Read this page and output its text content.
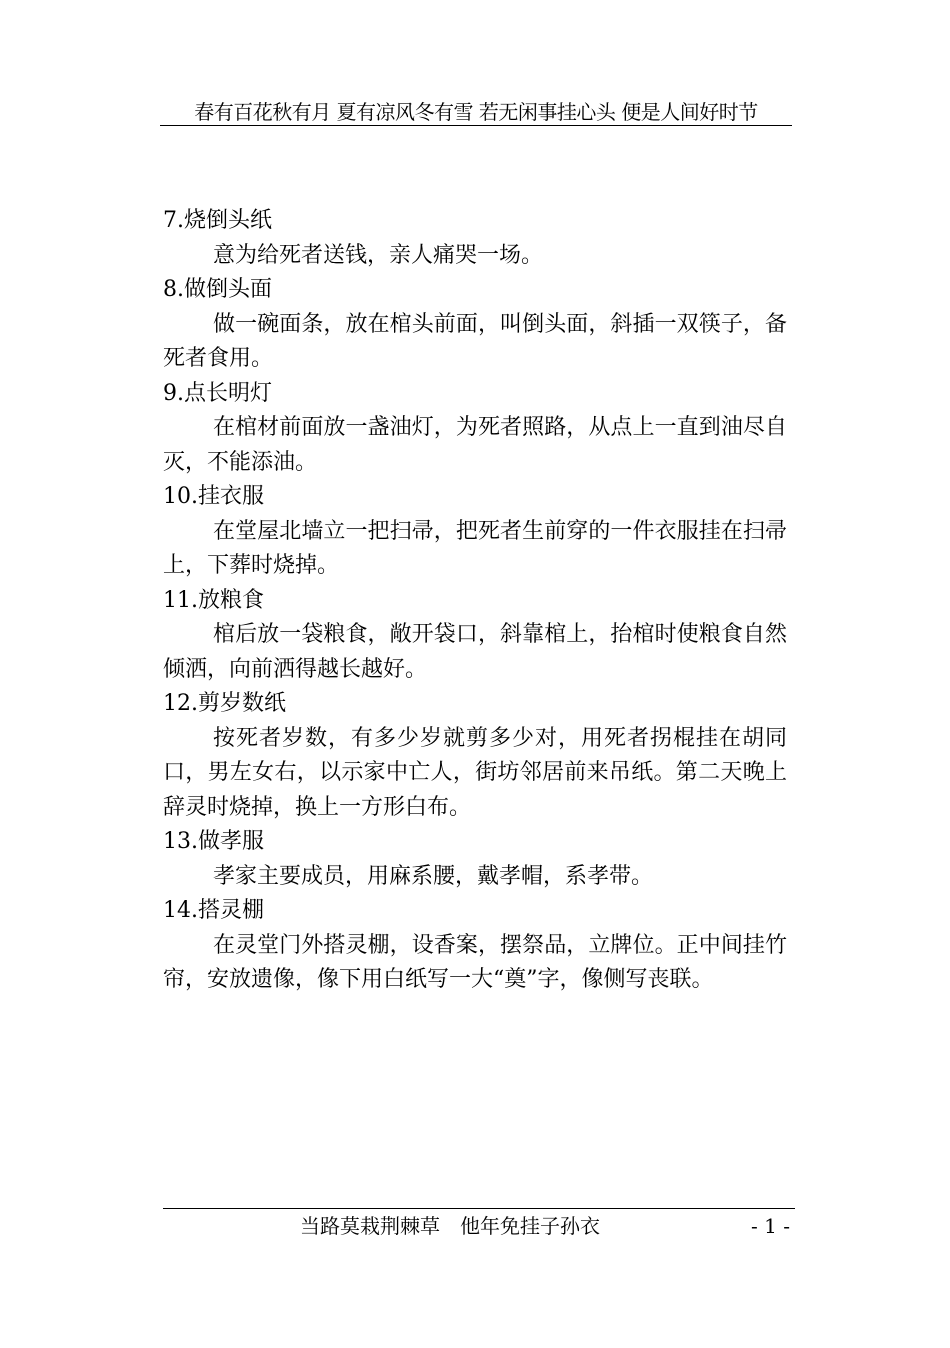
春有百花秋有月 夏有凉风冬有雪 若无闲事挂心头 便是人间好时节

7.烧倒头纸

意为给死者送钱，亲人痛哭一场。

8.做倒头面

做一碗面条，放在棺头前面，叫倒头面，斜插一双筷子，备死者食用。

9.点长明灯

在棺材前面放一盏油灯，为死者照路，从点上一直到油尽自灭，不能添油。

10.挂衣服

在堂屋北墙立一把扫帚，把死者生前穿的一件衣服挂在扫帚上，下葬时烧掉。

11.放粮食

棺后放一袋粮食，敞开袋口，斜靠棺上，抬棺时使粮食自然倾洒，向前洒得越长越好。

12.剪岁数纸

按死者岁数，有多少岁就剪多少对，用死者拐棍挂在胡同口，男左女右，以示家中亡人，街坊邻居前来吊纸。第二天晚上辞灵时烧掉，换上一方形白布。

13.做孝服

孝家主要成员，用麻系腰，戴孝帽，系孝带。

14.搭灵棚

在灵堂门外搭灵棚，设香案，摆祭品，立牌位。正中间挂竹帘，安放遗像，像下用白纸写一大“奠”字，像侧写丧联。

当路莫栽荆棘草　他年免挂子孙衣	- 1 -
